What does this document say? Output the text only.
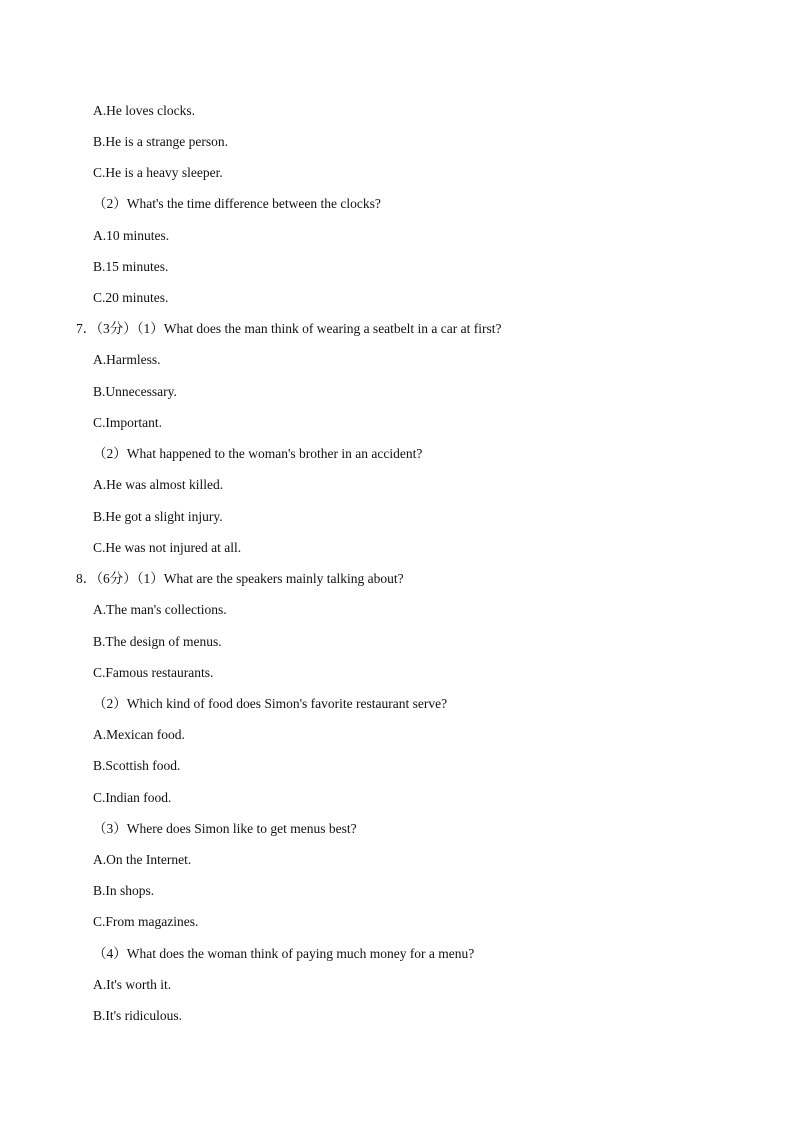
A.He loves clocks.
B.He is a strange person.
C.He is a heavy sleeper.
（2）What's the time difference between the clocks?
A.10 minutes.
B.15 minutes.
C.20 minutes.
7．（3分）（1）What does the man think of wearing a seatbelt in a car at first?
A.Harmless.
B.Unnecessary.
C.Important.
（2）What happened to the woman's brother in an accident?
A.He was almost killed.
B.He got a slight injury.
C.He was not injured at all.
8．（6分）（1）What are the speakers mainly talking about?
A.The man's collections.
B.The design of menus.
C.Famous restaurants.
（2）Which kind of food does Simon's favorite restaurant serve?
A.Mexican food.
B.Scottish food.
C.Indian food.
（3）Where does Simon like to get menus best?
A.On the Internet.
B.In shops.
C.From magazines.
（4）What does the woman think of paying much money for a menu?
A.It's worth it.
B.It's ridiculous.
